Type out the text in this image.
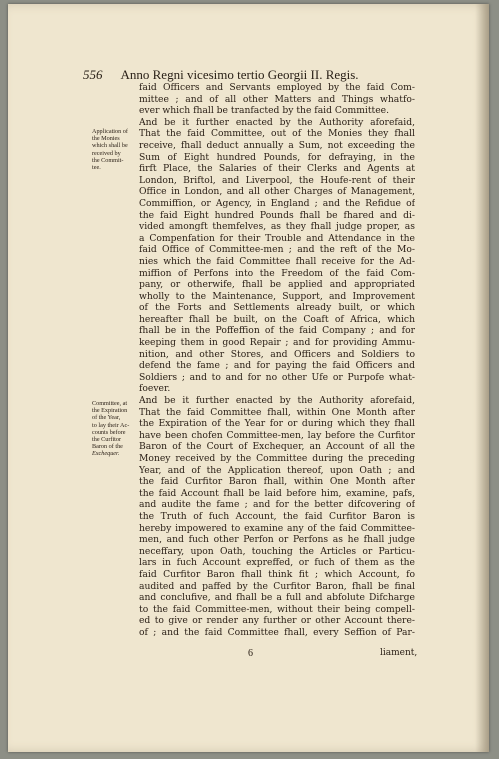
556 Anno Regni vicesimo tertio Georgii II. Regis.
Application of
the Monies
which shall be
received by
the Commit-
tee.
Committee, at
the Expiration
of the Year,
to lay their Ac-
counts before
the Curfitor
Baron of the
Exchequer.
faid Officers and Servants employed by the faid Com-
mittee ; and of all other Matters and Things whatfo-
ever which fhall be tranfacted by the faid Committee.
And be it further enacted by the Authority aforefaid,
That the faid Committee, out of the Monies they fhall
receive, fhall deduct annually a Sum, not exceeding the
Sum of Eight hundred Pounds, for defraying, in the
firft Place, the Salaries of their Clerks and Agents at
London, Briftol, and Liverpool, the Houfe-rent of their
Office in London, and all other Charges of Management,
Commiffion, or Agency, in England ; and the Refidue of
the faid Eight hundred Pounds fhall be fhared and di-
vided amongft themfelves, as they fhall judge proper, as
a Compenfation for their Trouble and Attendance in the
faid Office of Committee-men ; and the reft of the Mo-
nies which the faid Committee fhall receive for the Ad-
miffion of Perfons into the Freedom of the faid Com-
pany, or otherwife, fhall be applied and appropriated
wholly to the Maintenance, Support, and Improvement
of the Forts and Settlements already built, or which
hereafter fhall be built, on the Coaft of Africa, which
fhall be in the Poffeffion of the faid Company ; and for
keeping them in good Repair ; and for providing Ammu-
nition, and other Stores, and Officers and Soldiers to
defend the fame ; and for paying the faid Officers and
Soldiers ; and to and for no other Ufe or Purpofe what-
foever.
And be it further enacted by the Authority aforefaid,
That the faid Committee fhall, within One Month after
the Expiration of the Year for or during which they fhall
have been chofen Committee-men, lay before the Curfitor
Baron of the Court of Exchequer, an Account of all the
Money received by the Committee during the preceding
Year, and of the Application thereof, upon Oath ; and
the faid Curfitor Baron fhall, within One Month after
the faid Account fhall be laid before him, examine, pafs,
and audite the fame ; and for the better difcovering of
the Truth of fuch Account, the faid Curfitor Baron is
hereby impowered to examine any of the faid Committee-
men, and fuch other Perfon or Perfons as he fhall judge
neceffary, upon Oath, touching the Articles or Particu-
lars in fuch Account expreffed, or fuch of them as the
faid Curfitor Baron fhall think fit ; which Account, fo
audited and paffed by the Curfitor Baron, fhall be final
and conclufive, and fhall be a full and abfolute Difcharge
to the faid Committee-men, without their being compell-
ed to give or render any further or other Account there-
of ; and the faid Committee fhall, every Seffion of Par-
6	liament,
